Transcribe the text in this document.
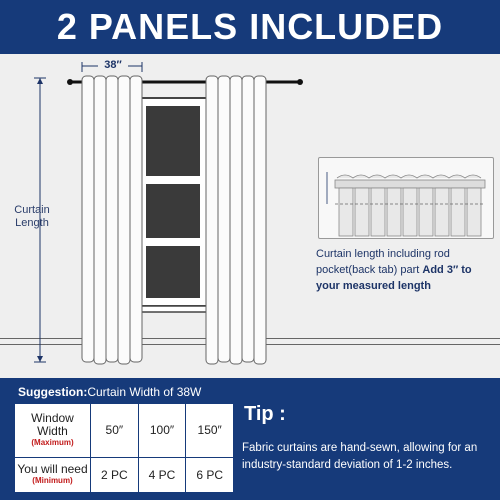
2 PANELS INCLUDED
38″
Curtain
Length
Curtain length including rod pocket(back tab) part Add 3″ to your measured length
Suggestion:Curtain Width of 38W
Window Width
(Maximum)	50″	100″	150″
You will need
(Minimum)	2 PC	4 PC	6 PC
Tip :
Fabric curtains are hand-sewn, allowing for an industry-standard deviation of 1-2 inches.
